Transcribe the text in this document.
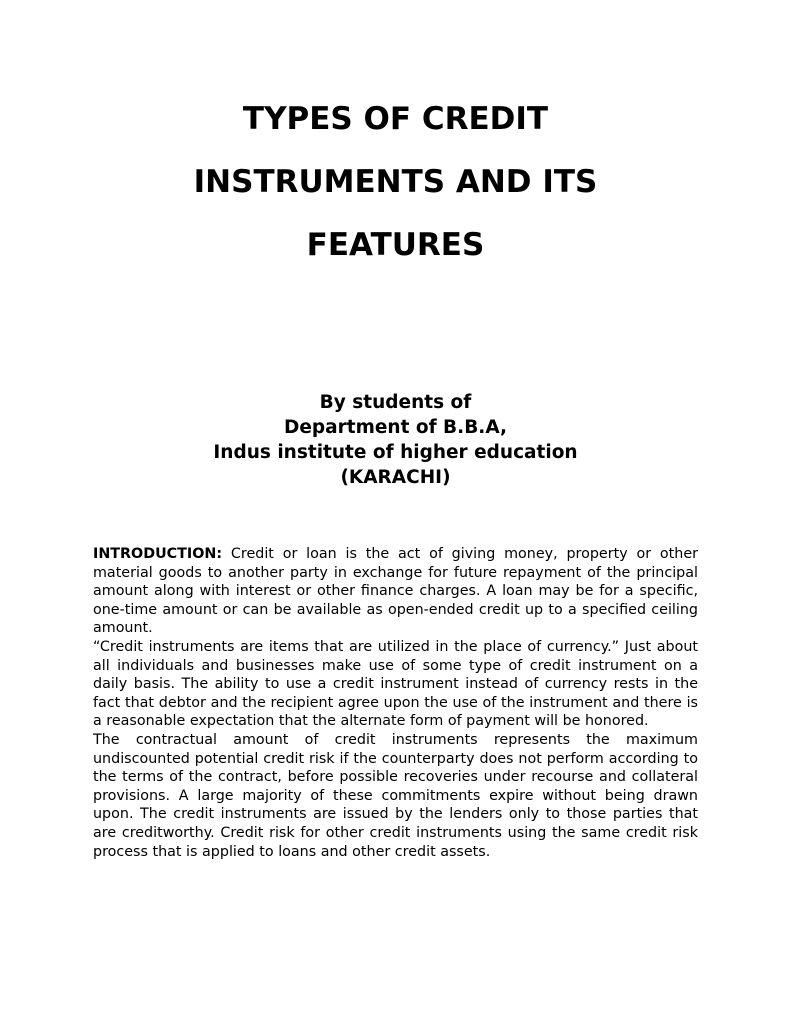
TYPES OF CREDIT
INSTRUMENTS AND ITS
FEATURES
By students of
Department of B.B.A,
Indus institute of higher education
(KARACHI)

INTRODUCTION: Credit or loan is the act of giving money, property or other material goods to another party in exchange for future repayment of the principal amount along with interest or other finance charges. A loan may be for a specific, one-time amount or can be available as open-ended credit up to a specified ceiling amount.

“Credit instruments are items that are utilized in the place of currency.” Just about all individuals and businesses make use of some type of credit instrument on a daily basis. The ability to use a credit instrument instead of currency rests in the fact that debtor and the recipient agree upon the use of the instrument and there is a reasonable expectation that the alternate form of payment will be honored.

The contractual amount of credit instruments represents the maximum undiscounted potential credit risk if the counterparty does not perform according to the terms of the contract, before possible recoveries under recourse and collateral provisions. A large majority of these commitments expire without being drawn upon. The credit instruments are issued by the lenders only to those parties that are creditworthy. Credit risk for other credit instruments using the same credit risk process that is applied to loans and other credit assets.
